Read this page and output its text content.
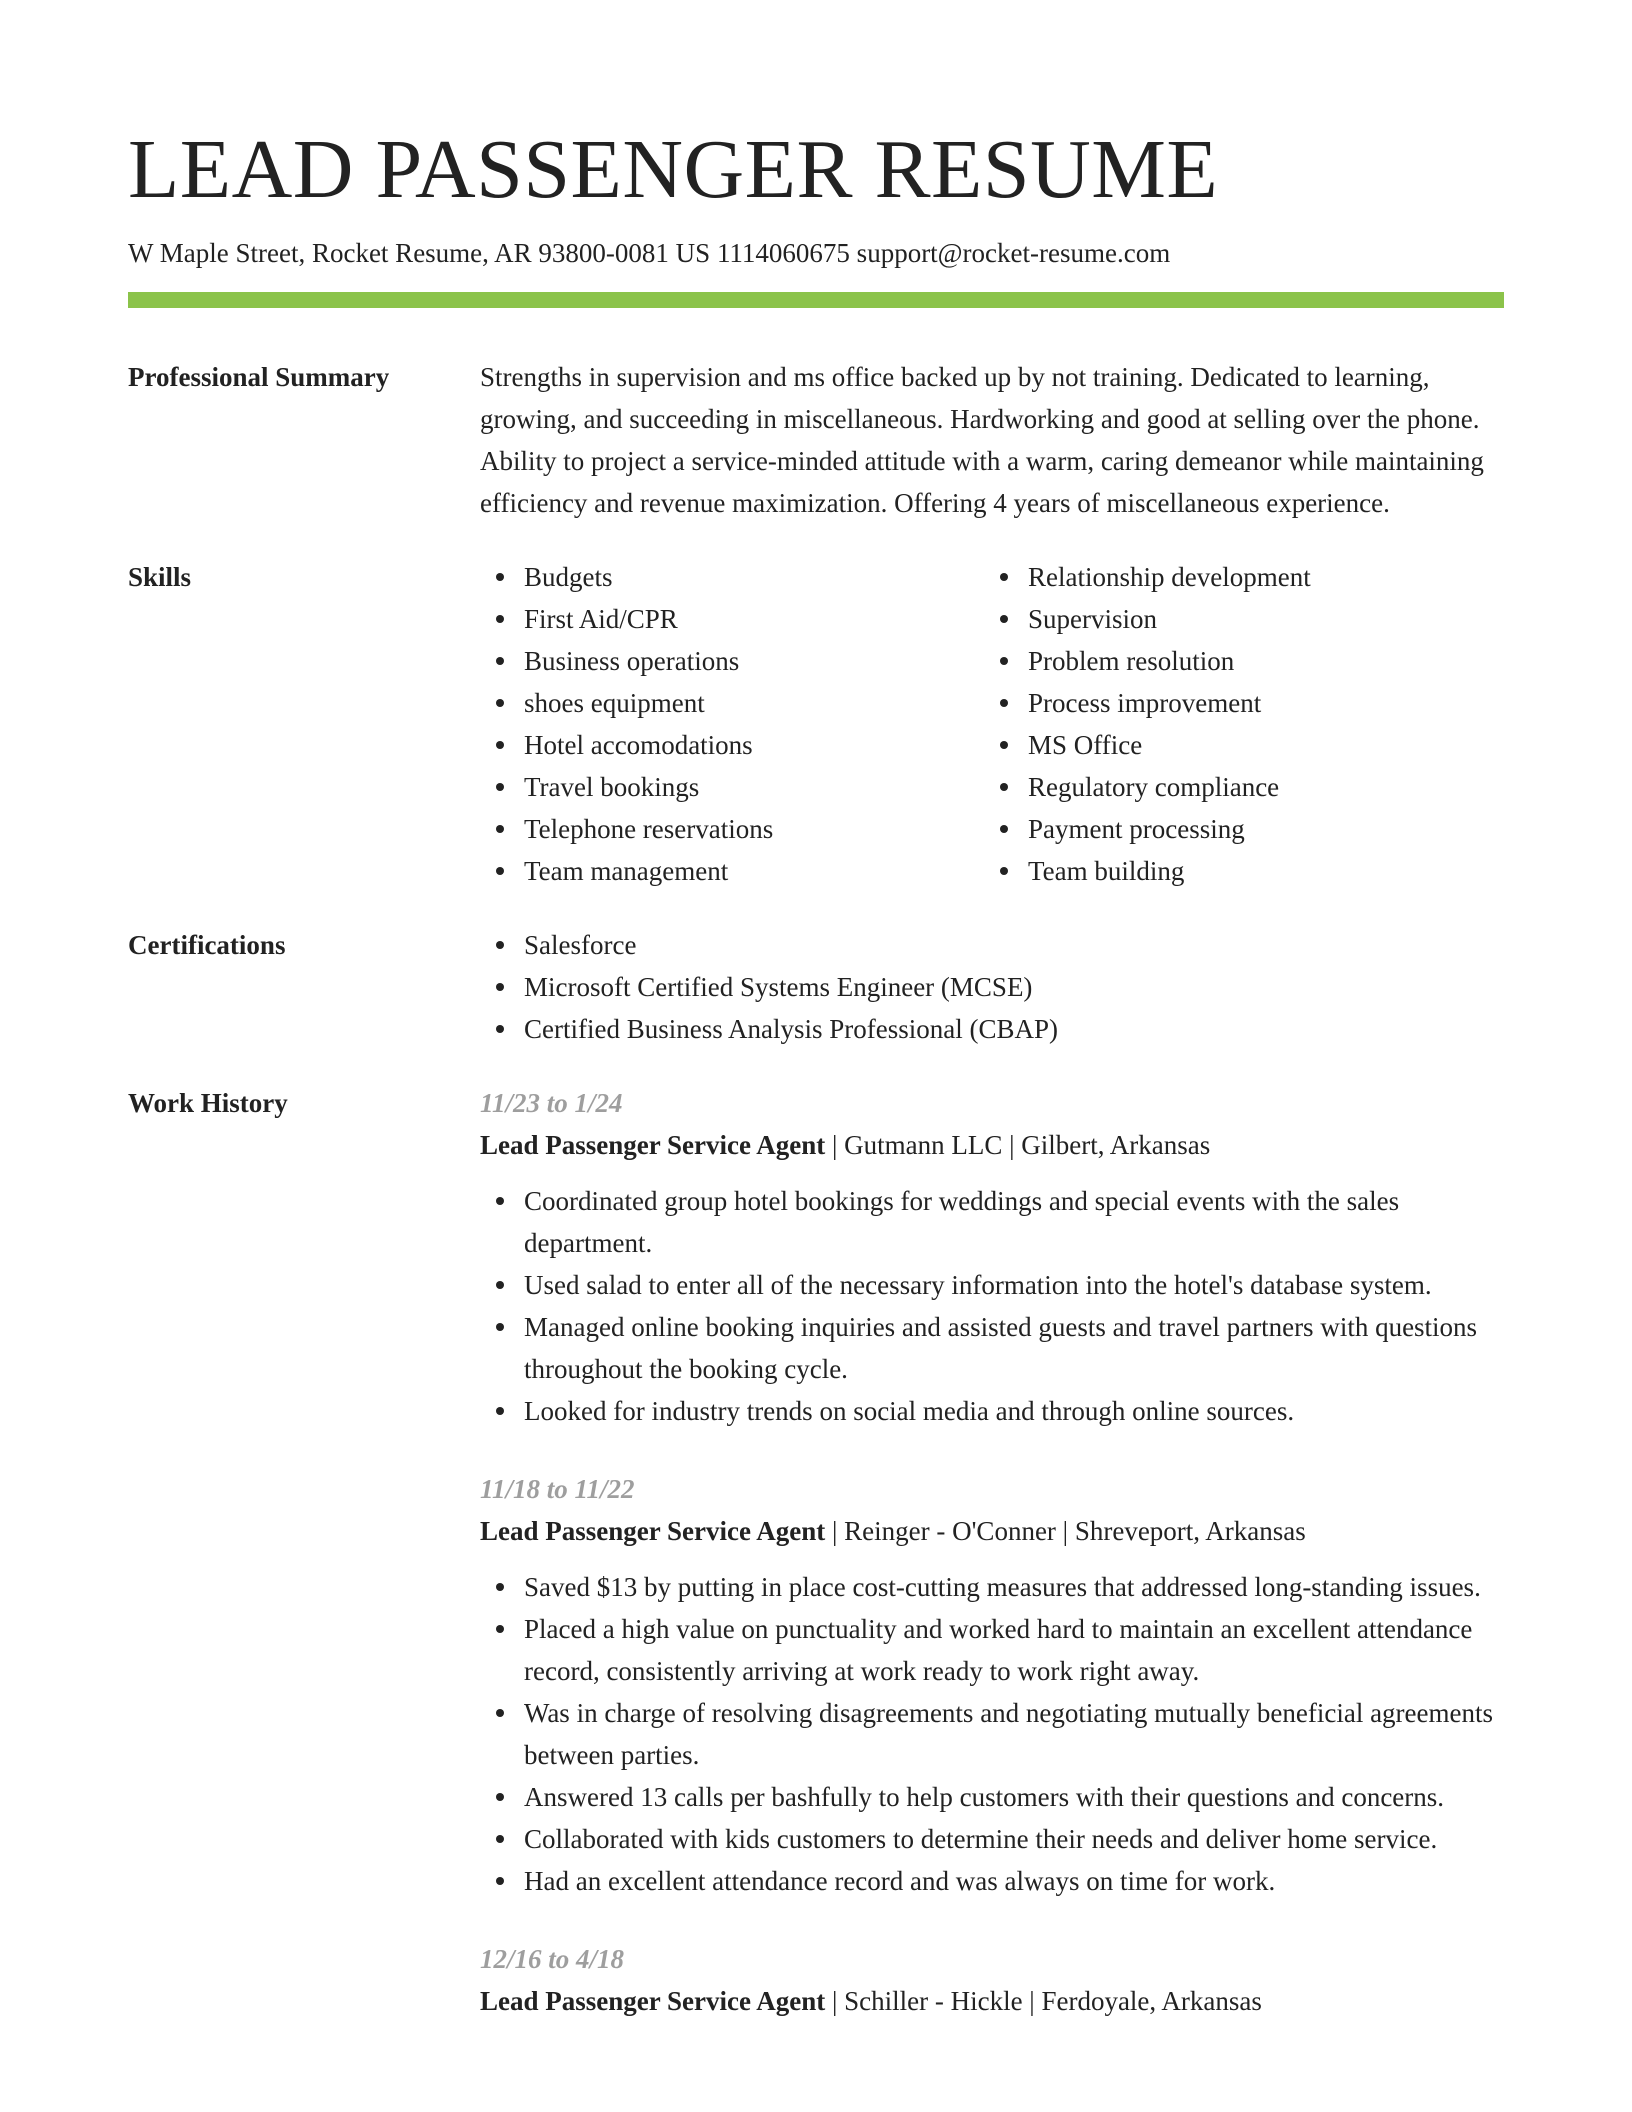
LEAD PASSENGER RESUME
W Maple Street, Rocket Resume, AR 93800-0081 US 1114060675 support@rocket-resume.com
Professional Summary	Strengths in supervision and ms office backed up by not training. Dedicated to learning, growing, and succeeding in miscellaneous. Hardworking and good at selling over the phone. Ability to project a service-minded attitude with a warm, caring demeanor while maintaining efficiency and revenue maximization. Offering 4 years of miscellaneous experience.

Skills	Budgets
First Aid/CPR
Business operations
shoes equipment
Hotel accomodations
Travel bookings
Telephone reservations
Team management
Relationship development
Supervision
Problem resolution
Process improvement
MS Office
Regulatory compliance
Payment processing
Team building
Certifications	Salesforce
Microsoft Certified Systems Engineer (MCSE)
Certified Business Analysis Professional (CBAP)
Work History	11/23 to 1/24
Lead Passenger Service Agent | Gutmann LLC | Gilbert, Arkansas
Coordinated group hotel bookings for weddings and special events with the sales department.
Used salad to enter all of the necessary information into the hotel's database system.
Managed online booking inquiries and assisted guests and travel partners with questions throughout the booking cycle.
Looked for industry trends on social media and through online sources.
11/18 to 11/22
Lead Passenger Service Agent | Reinger - O'Conner | Shreveport, Arkansas
Saved $13 by putting in place cost-cutting measures that addressed long-standing issues.
Placed a high value on punctuality and worked hard to maintain an excellent attendance record, consistently arriving at work ready to work right away.
Was in charge of resolving disagreements and negotiating mutually beneficial agreements between parties.
Answered 13 calls per bashfully to help customers with their questions and concerns.
Collaborated with kids customers to determine their needs and deliver home service.
Had an excellent attendance record and was always on time for work.
12/16 to 4/18
Lead Passenger Service Agent | Schiller - Hickle | Ferdoyale, Arkansas
